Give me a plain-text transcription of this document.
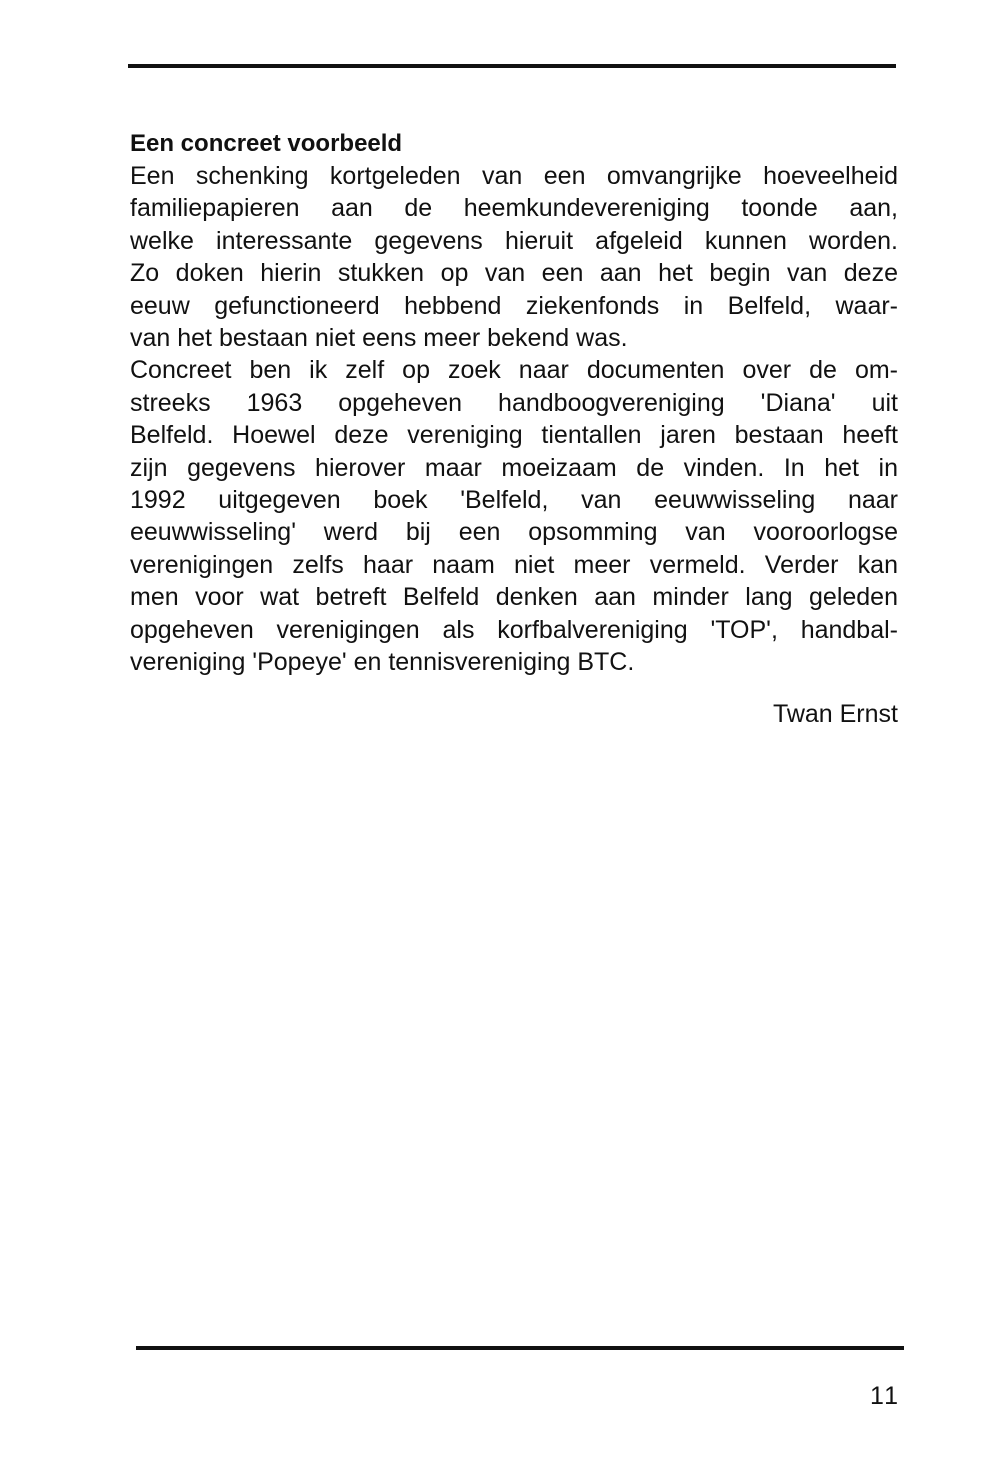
Een concreet voorbeeld
Een schenking kortgeleden van een omvangrijke hoeveelheid
familiepapieren aan de heemkundevereniging toonde aan,
welke interessante gegevens hieruit afgeleid kunnen worden.
Zo doken hierin stukken op van een aan het begin van deze
eeuw gefunctioneerd hebbend ziekenfonds in Belfeld, waar-
van het bestaan niet eens meer bekend was.
Concreet ben ik zelf op zoek naar documenten over de om-
streeks 1963 opgeheven handboogvereniging 'Diana' uit
Belfeld. Hoewel deze vereniging tientallen jaren bestaan heeft
zijn gegevens hierover maar moeizaam de vinden. In het in
1992 uitgegeven boek 'Belfeld, van eeuwwisseling naar
eeuwwisseling' werd bij een opsomming van vooroorlogse
verenigingen zelfs haar naam niet meer vermeld. Verder kan
men voor wat betreft Belfeld denken aan minder lang geleden
opgeheven verenigingen als korfbalvereniging 'TOP', handbal-
vereniging 'Popeye' en tennisvereniging BTC.
Twan Ernst
11
